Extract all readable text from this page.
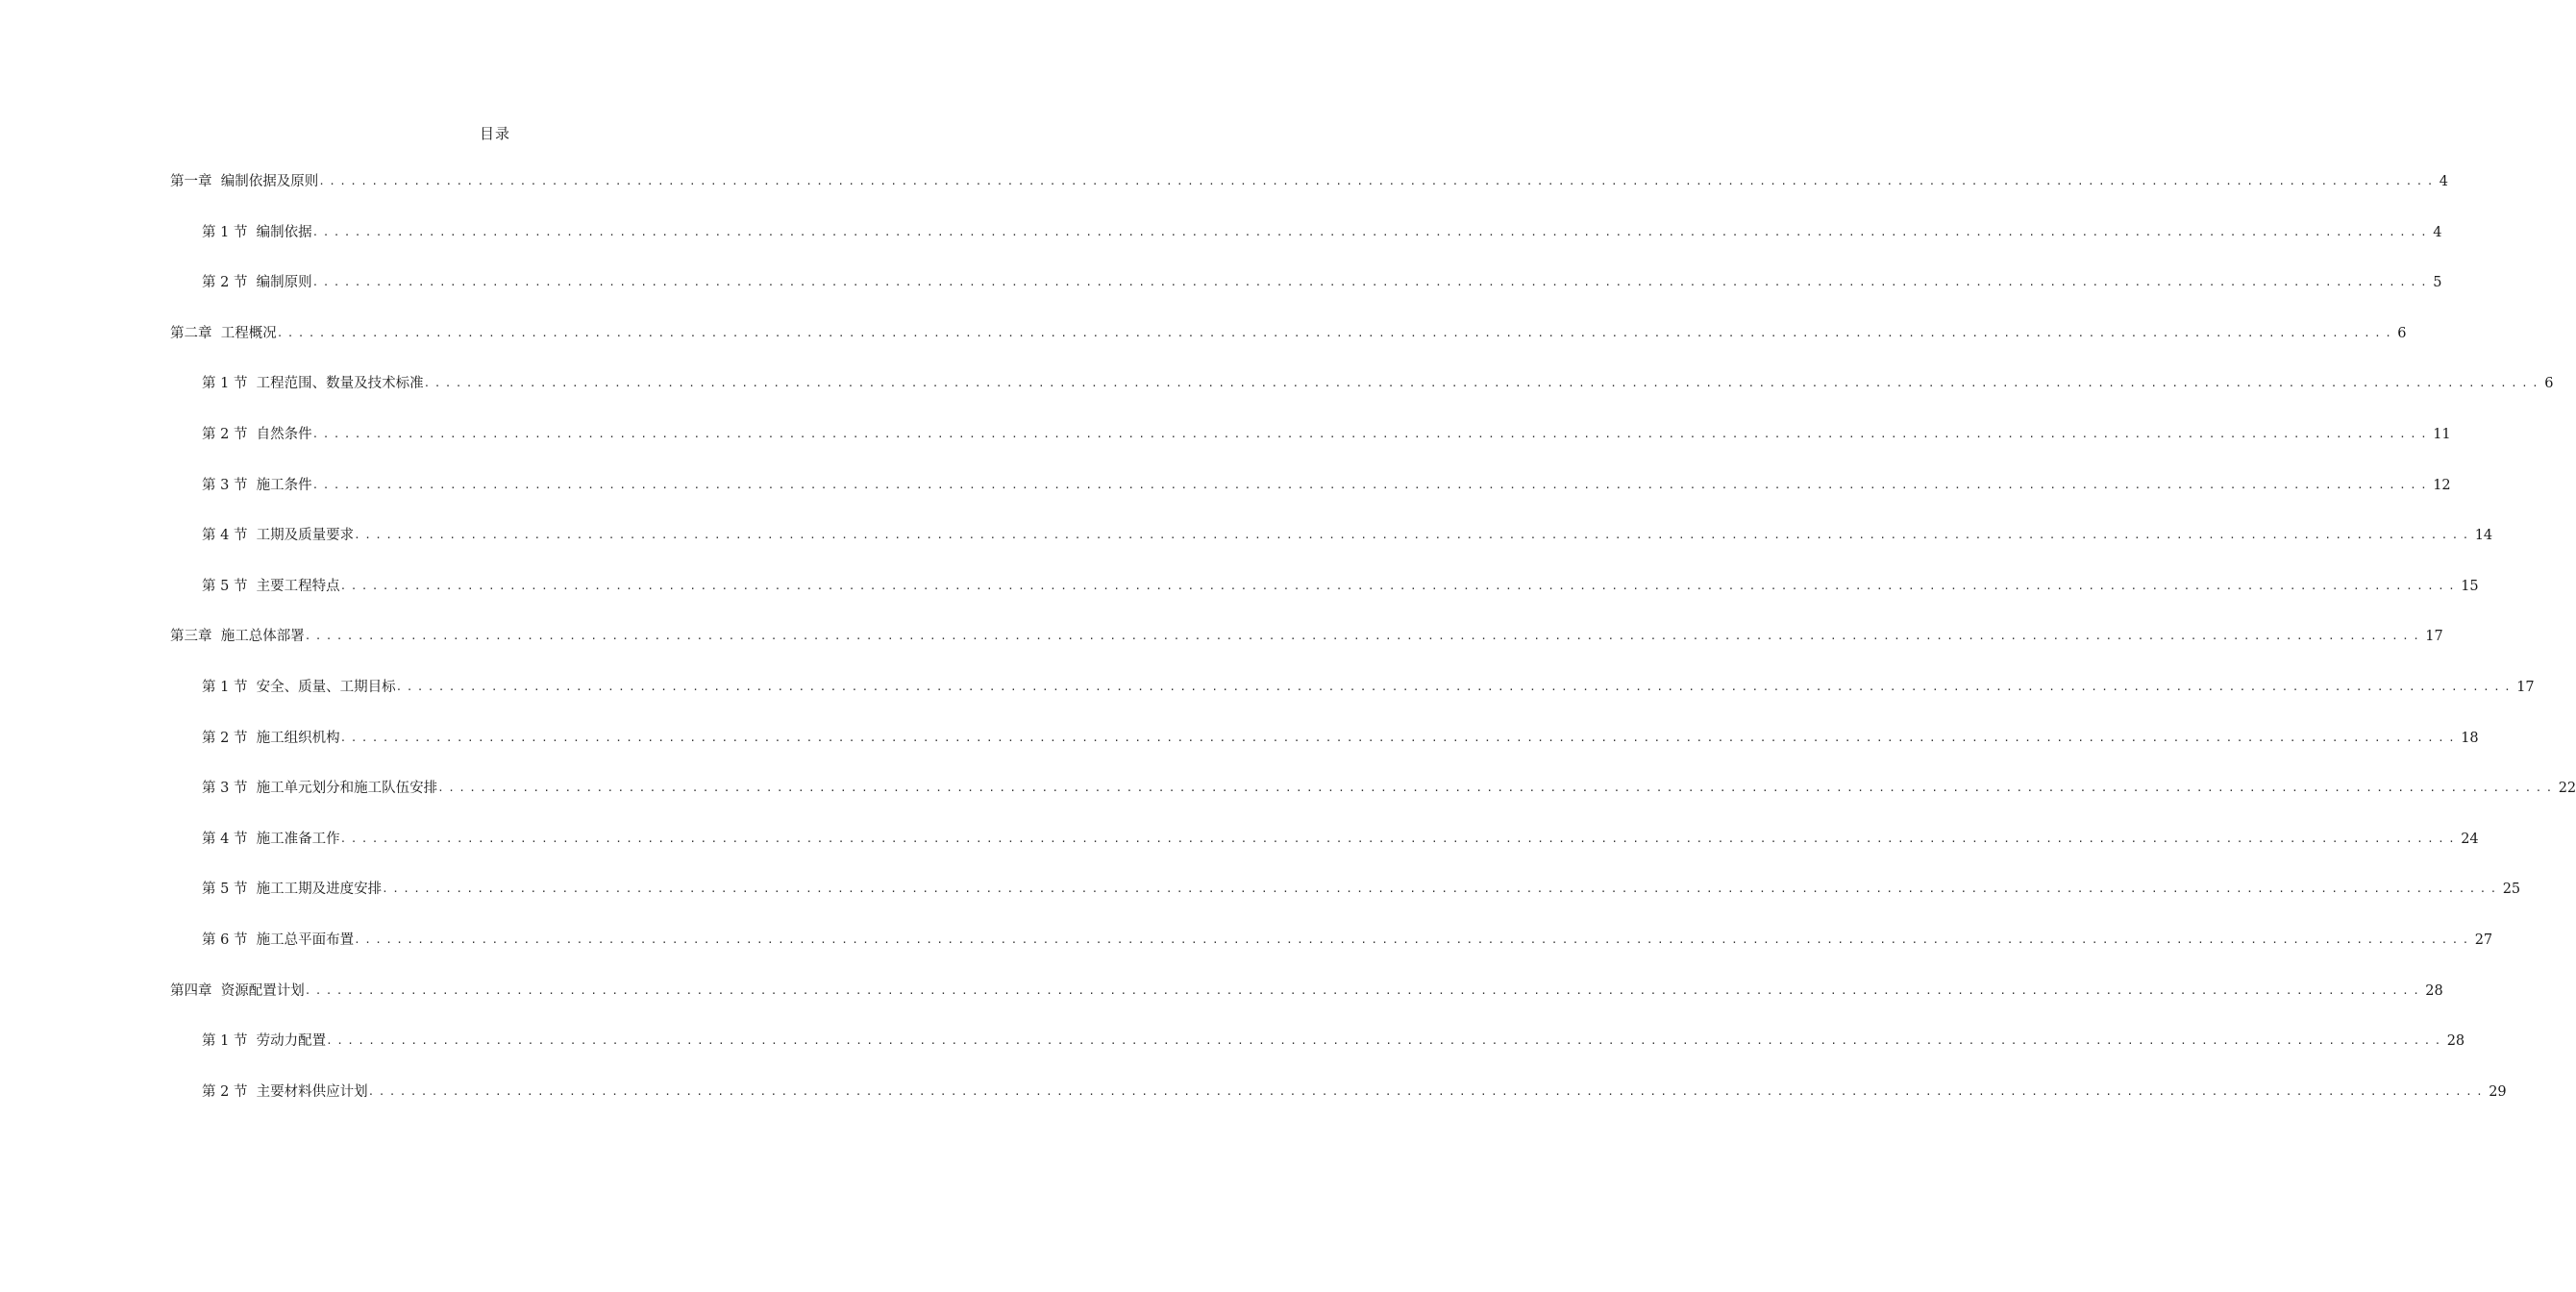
目录
第一章
编制依据及原则 ........................................................................................................................................................................................................ 4
第 1 节
编制依据 ........................................................................................................................................................................................................ 4
第 2 节
编制原则 ........................................................................................................................................................................................................ 5
第二章
工程概况 ........................................................................................................................................................................................................ 6
第 1 节
工程范围、数量及技术标准 ........................................................................................................................................................................................................ 6
第 2 节
自然条件 ........................................................................................................................................................................................................ 11
第 3 节
施工条件 ........................................................................................................................................................................................................ 12
第 4 节
工期及质量要求 ........................................................................................................................................................................................................ 14
第 5 节
主要工程特点 ........................................................................................................................................................................................................ 15
第三章
施工总体部署 ........................................................................................................................................................................................................ 17
第 1 节
安全、质量、工期目标 ........................................................................................................................................................................................................ 17
第 2 节
施工组织机构 ........................................................................................................................................................................................................ 18
第 3 节
施工单元划分和施工队伍安排 ........................................................................................................................................................................................................ 22
第 4 节
施工准备工作 ........................................................................................................................................................................................................ 24
第 5 节
施工工期及进度安排 ........................................................................................................................................................................................................ 25
第 6 节
施工总平面布置 ........................................................................................................................................................................................................ 27
第四章
资源配置计划 ........................................................................................................................................................................................................ 28
第 1 节
劳动力配置 ........................................................................................................................................................................................................ 28
第 2 节
主要材料供应计划 ........................................................................................................................................................................................................ 29
